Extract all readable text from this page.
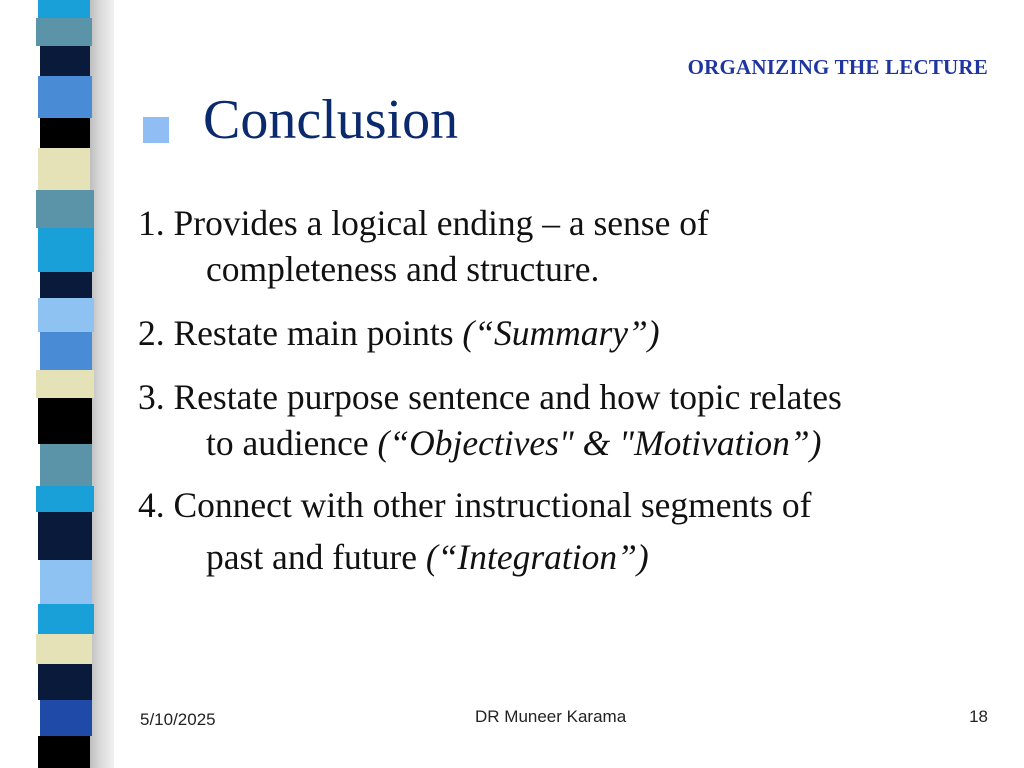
ORGANIZING THE LECTURE
Conclusion

1. Provides a logical ending – a sense of
completeness and structure.

2. Restate main points (“Summary”)

3. Restate purpose sentence and how topic relates
to audience (“Objectives" & "Motivation”)

4. Connect with other instructional segments of
past and future (“Integration”)

5/10/2025	DR Muneer Karama	18
